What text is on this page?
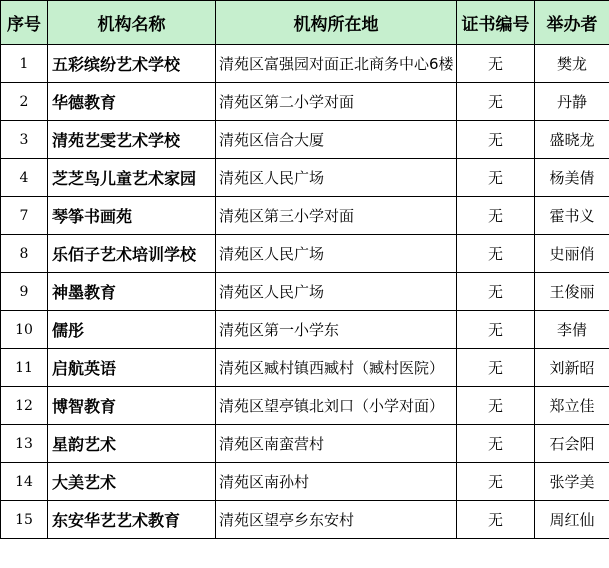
序号	机构名称	机构所在地	证书编号	举办者
1	五彩缤纷艺术学校	清苑区富强园对面正北商务中心6楼	无	樊龙
2	华德教育	清苑区第二小学对面	无	丹静
3	清苑艺雯艺术学校	清苑区信合大厦	无	盛晓龙
4	芝芝鸟儿童艺术家园	清苑区人民广场	无	杨美倩
7	琴筝书画苑	清苑区第三小学对面	无	霍书义
8	乐佰子艺术培训学校	清苑区人民广场	无	史丽俏
9	神墨教育	清苑区人民广场	无	王俊丽
10	儒彤	清苑区第一小学东	无	李倩
11	启航英语	清苑区臧村镇西臧村（臧村医院）	无	刘新昭
12	博智教育	清苑区望亭镇北刘口（小学对面）	无	郑立佳
13	星韵艺术	清苑区南蛮营村	无	石会阳
14	大美艺术	清苑区南孙村	无	张学美
15	东安华艺艺术教育	清苑区望亭乡东安村	无	周红仙
